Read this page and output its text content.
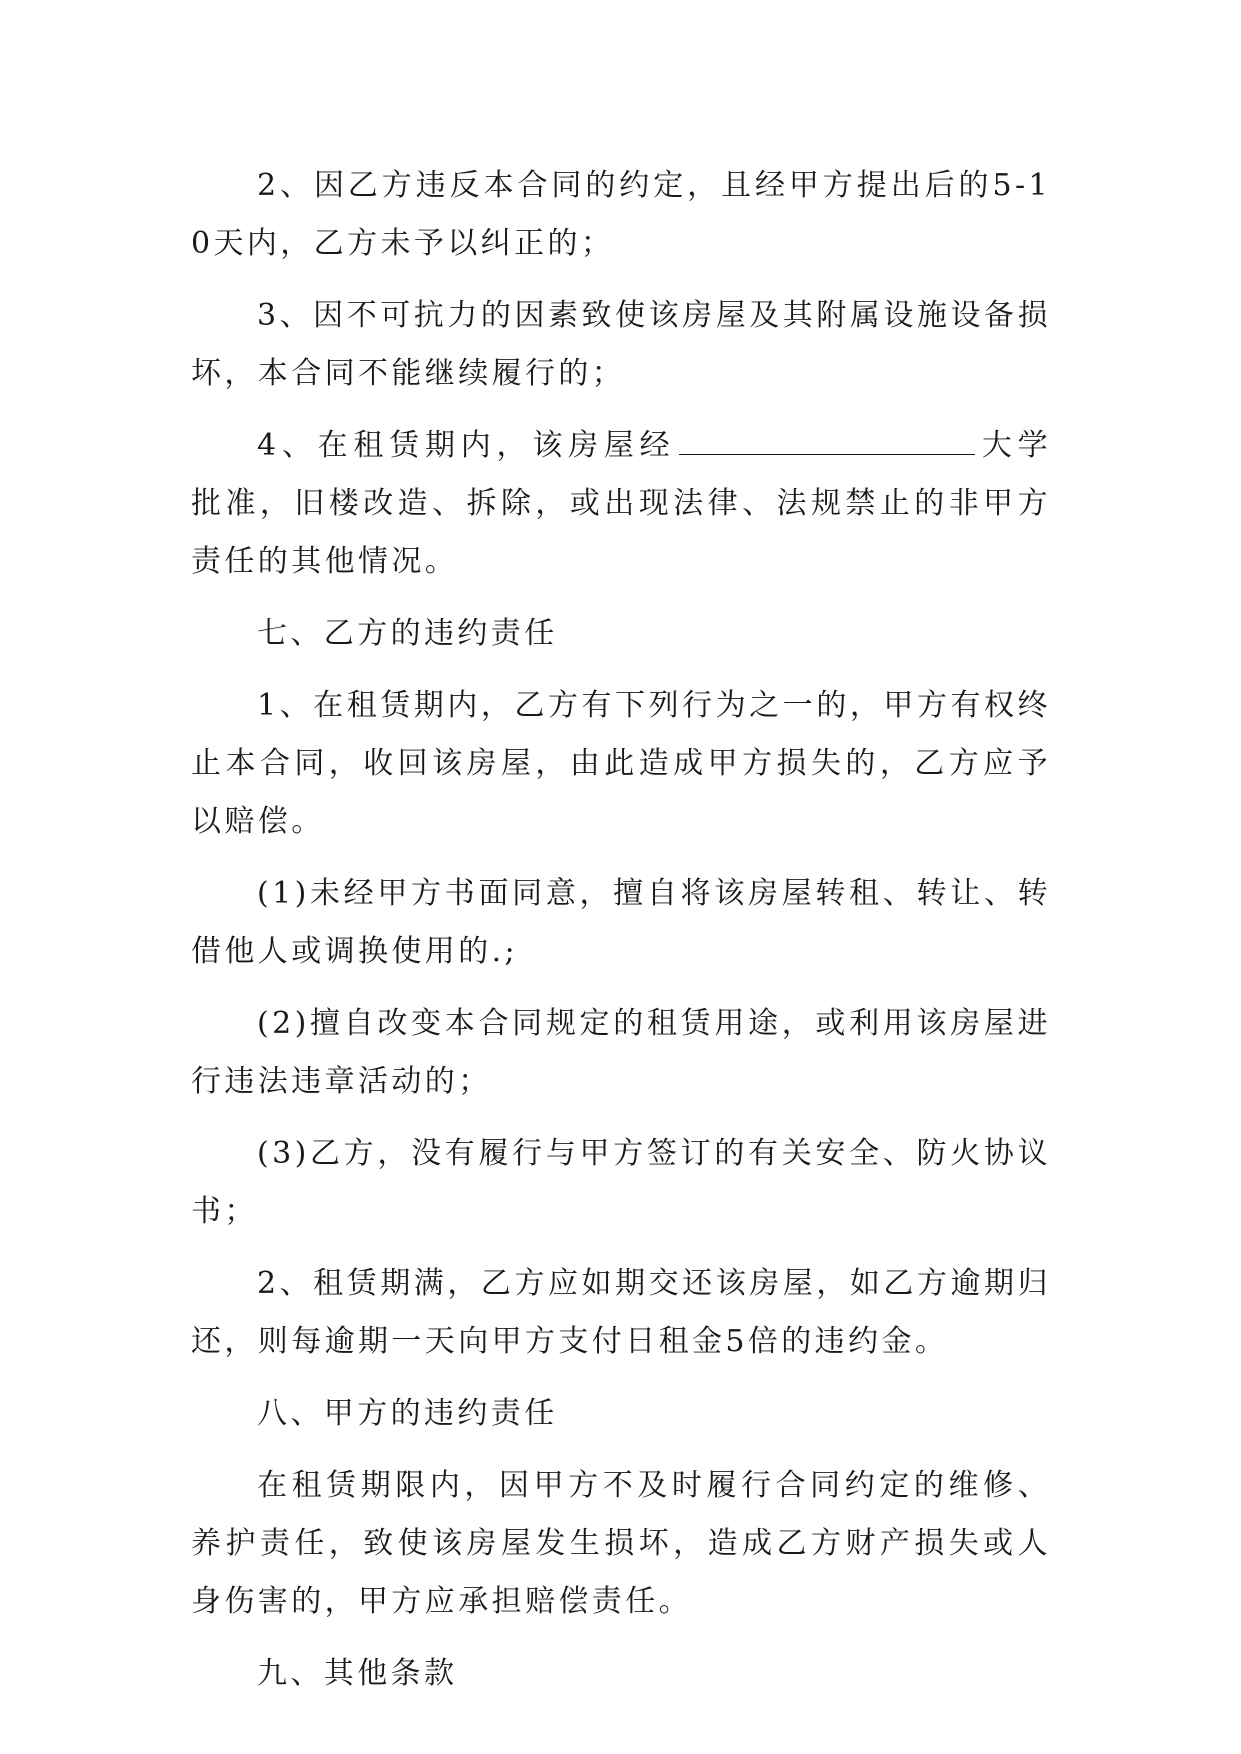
2、因乙方违反本合同的约定，且经甲方提出后的5-10天内，乙方未予以纠正的；

3、因不可抗力的因素致使该房屋及其附属设施设备损坏，本合同不能继续履行的；

4、在租赁期内，该房屋经	大学批准，旧楼改造、拆除，或出现法律、法规禁止的非甲方责任的其他情况。

七、乙方的违约责任

1、在租赁期内，乙方有下列行为之一的，甲方有权终止本合同，收回该房屋，由此造成甲方损失的，乙方应予以赔偿。

(1)未经甲方书面同意，擅自将该房屋转租、转让、转借他人或调换使用的.;

(2)擅自改变本合同规定的租赁用途，或利用该房屋进行违法违章活动的；

(3)乙方，没有履行与甲方签订的有关安全、防火协议书；

2、租赁期满，乙方应如期交还该房屋，如乙方逾期归还，则每逾期一天向甲方支付日租金5倍的违约金。

八、甲方的违约责任

在租赁期限内，因甲方不及时履行合同约定的维修、养护责任，致使该房屋发生损坏，造成乙方财产损失或人身伤害的，甲方应承担赔偿责任。

九、其他条款
